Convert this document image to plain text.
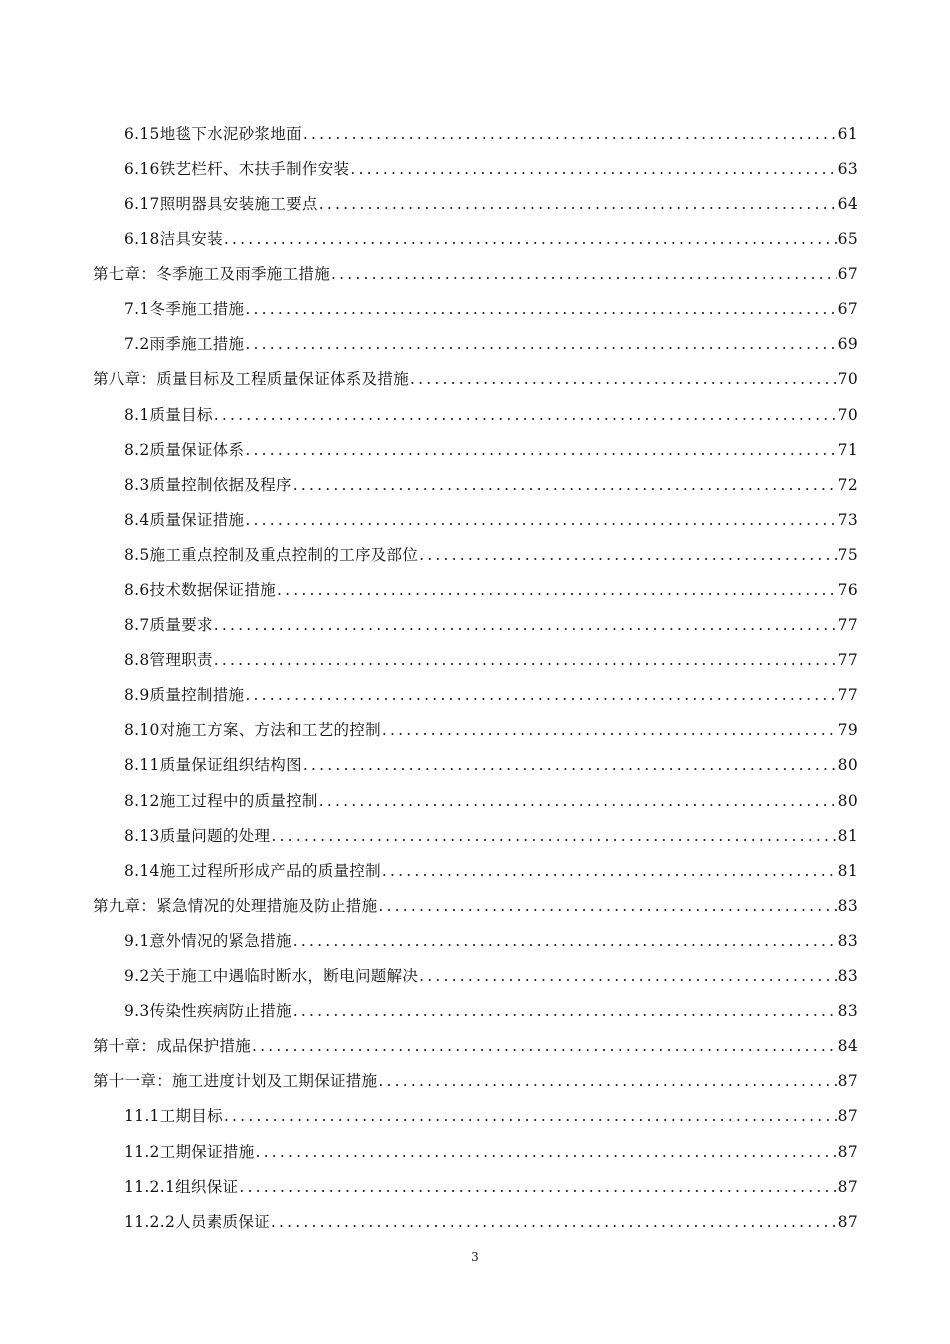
6.15地毯下水泥砂浆地面 .....	61
6.16铁艺栏杆、木扶手制作安装 .....	63
6.17照明器具安装施工要点 .....	64
6.18洁具安装 .....	65
第七章：冬季施工及雨季施工措施 .....	67
7.1冬季施工措施 .....	67
7.2雨季施工措施 .....	69
第八章：质量目标及工程质量保证体系及措施 .....	70
8.1质量目标 .....	70
8.2质量保证体系 .....	71
8.3质量控制依据及程序 .....	72
8.4质量保证措施 .....	73
8.5施工重点控制及重点控制的工序及部位 .....	75
8.6技术数据保证措施 .....	76
8.7质量要求 .....	77
8.8管理职责 .....	77
8.9质量控制措施 .....	77
8.10对施工方案、方法和工艺的控制 .....	79
8.11质量保证组织结构图 .....	80
8.12施工过程中的质量控制 .....	80
8.13质量问题的处理 .....	81
8.14施工过程所形成产品的质量控制 .....	81
第九章：紧急情况的处理措施及防止措施 .....	83
9.1意外情况的紧急措施 .....	83
9.2关于施工中遇临时断水，断电问题解决 .....	83
9.3传染性疾病防止措施 .....	83
第十章：成品保护措施 .....	84
第十一章：施工进度计划及工期保证措施 .....	87
11.1工期目标 .....	87
11.2工期保证措施 .....	87
11.2.1组织保证 .....	87
11.2.2人员素质保证 .....	87
3
